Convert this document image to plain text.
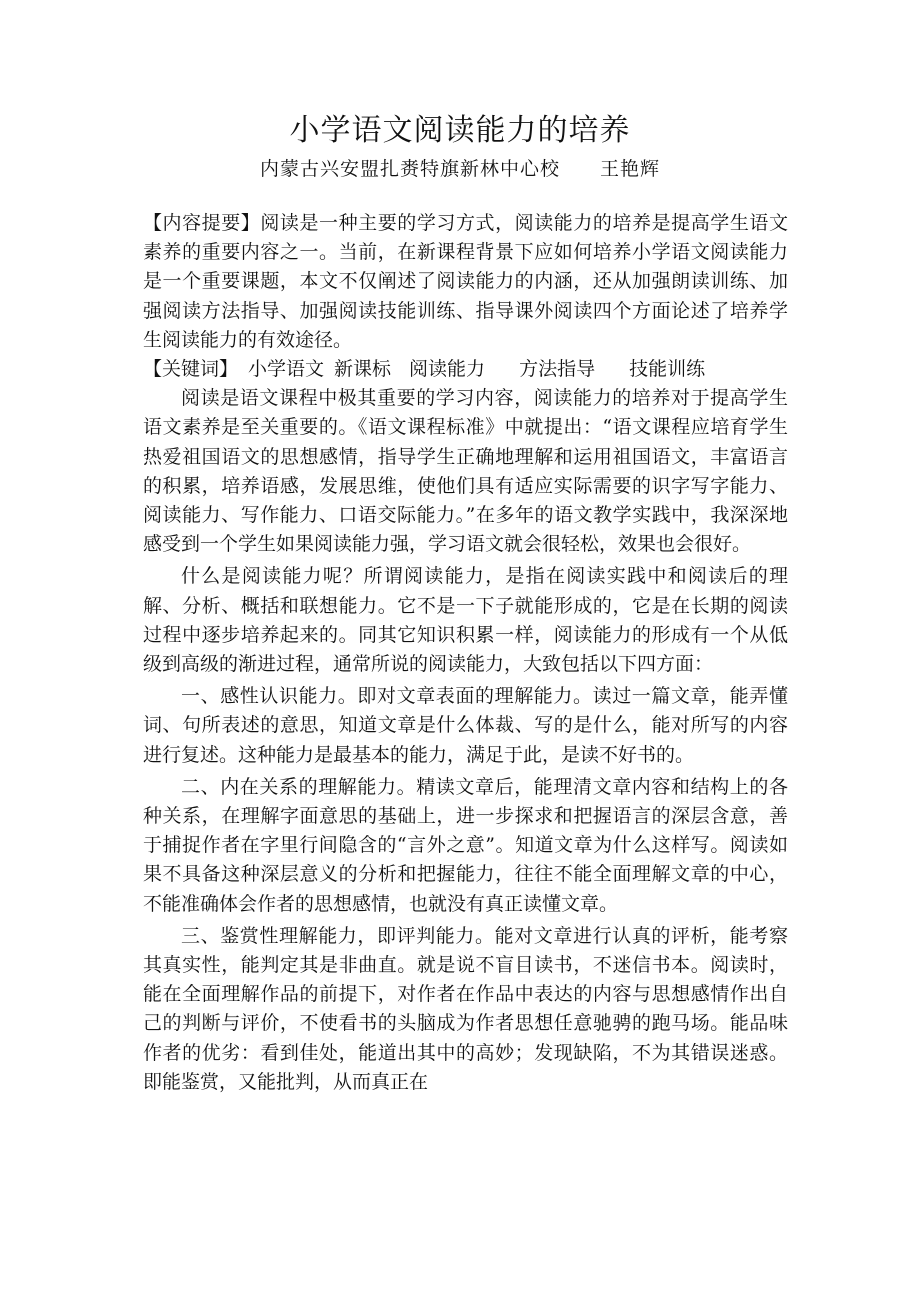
小学语文阅读能力的培养
内蒙古兴安盟扎赉特旗新林中心校 王艳辉

【内容提要】阅读是一种主要的学习方式，阅读能力的培养是提高学生语文素养的重要内容之一。当前，在新课程背景下应如何培养小学语文阅读能力是一个重要课题，本文不仅阐述了阅读能力的内涵，还从加强朗读训练、加强阅读方法指导、加强阅读技能训练、指导课外阅读四个方面论述了培养学生阅读能力的有效途径。

【关键词】 小学语文 新课标 阅读能力 方法指导 技能训练

阅读是语文课程中极其重要的学习内容，阅读能力的培养对于提高学生语文素养是至关重要的。《语文课程标准》中就提出：“语文课程应培育学生热爱祖国语文的思想感情，指导学生正确地理解和运用祖国语文，丰富语言的积累，培养语感，发展思维，使他们具有适应实际需要的识字写字能力、阅读能力、写作能力、口语交际能力。”在多年的语文教学实践中，我深深地感受到一个学生如果阅读能力强，学习语文就会很轻松，效果也会很好。

什么是阅读能力呢？所谓阅读能力，是指在阅读实践中和阅读后的理解、分析、概括和联想能力。它不是一下子就能形成的，它是在长期的阅读过程中逐步培养起来的。同其它知识积累一样，阅读能力的形成有一个从低级到高级的渐进过程，通常所说的阅读能力，大致包括以下四方面：

一、感性认识能力。即对文章表面的理解能力。读过一篇文章，能弄懂词、句所表述的意思，知道文章是什么体裁、写的是什么，能对所写的内容进行复述。这种能力是最基本的能力，满足于此，是读不好书的。

二、内在关系的理解能力。精读文章后，能理清文章内容和结构上的各种关系，在理解字面意思的基础上，进一步探求和把握语言的深层含意，善于捕捉作者在字里行间隐含的“言外之意”。知道文章为什么这样写。阅读如果不具备这种深层意义的分析和把握能力，往往不能全面理解文章的中心，不能准确体会作者的思想感情，也就没有真正读懂文章。

三、鉴赏性理解能力，即评判能力。能对文章进行认真的评析，能考察其真实性，能判定其是非曲直。就是说不盲目读书，不迷信书本。阅读时，能在全面理解作品的前提下，对作者在作品中表达的内容与思想感情作出自己的判断与评价，不使看书的头脑成为作者思想任意驰骋的跑马场。能品味作者的优劣：看到佳处，能道出其中的高妙；发现缺陷，不为其错误迷惑。即能鉴赏，又能批判，从而真正在
